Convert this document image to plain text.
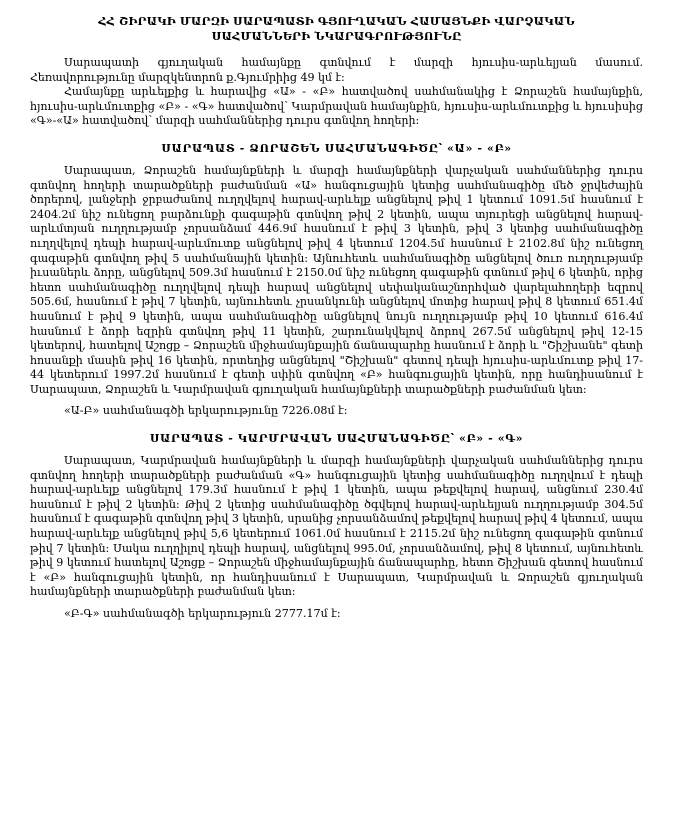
ՀՀ ՇԻՐԱԿԻ ՄԱՐԶԻ ՍԱՐԱՊԱՏԻ ԳՅՈՒՂԱԿԱՆ ՀԱՄԱՅՆՔԻ ՎԱՐՉԱԿԱՆ
ՍԱՀՄԱՆՆԵՐԻ ՆԿԱՐԱԳՐՈՒԹՅՈՒՆԸ

Սարապատի գյուղական համայնքը գտնվում է մարզի հյուսիս-արևելյան մասում. Հեռավորությունը մարզկենտրոն ք.Գյումրիից 49 կմ է:

Համայնքը արևելքից և հարավից «Ա» - «Բ» հատվածով սահմանակից է Ձորաշեն համայնքին, հյուսիս-արևմուտքից «Բ» - «Գ» հատվածով՝ Կարմրավան համայնքին, հյուսիս-արևմուտքից և հյուսիսից «Գ»-«Ա» հատվածով՝ մարզի սահմաններից դուրս գտնվող հողերի:

ՍԱՐԱՊԱՏ - ՁՈՐԱՇԵՆ ՍԱՀՄԱՆԱԳԻԾԸ՝ «Ա» - «Բ»

Սարապատ, Ձորաշեն համայնքների և մարզի համայնքների վարչական սահմաններից դուրս գտնվող հողերի տարածքների բաժանման «Ա» հանգուցային կետից սահմանագիծը մեծ ջրվեժային ծորերով, լանջերի ջրբաժանով ուղղվելով հարավ-արևելք անցնելով թիվ 1 կետում 1091.5մ հասնում է 2404.2մ նիշ ունեցող բարձունքի գագաթին գտնվող թիվ 2 կետին, ապա տյուրեցի անցնելով հարավ-արևմտյան ուղղությամբ չորսանձամ 446.9մ հասնում է թիվ 3 կետին, թիվ 3 կետից սահմանագիծը ուղղվելով դեպի հարավ-արևմուտք անցնելով թիվ 4 կետում 1204.5մ հասնում է 2102.8մ նիշ ունեցող գագաթին գտնվող թիվ 5 սահմանային կետին: Այնուհետև սահմանագիծը անցնելով ծուռ ուղղությամբ իւսաներև ձորը, անցնելով 509.3մ հասնում է 2150.0մ նիշ ունեցող գագաթին գտնում թիվ 6 կետին, որից հետո սահմանագիծը ուղղվելով դեպի հարավ անցնելով սեփականաշնորհված վարելահողերի եզրով 505.6մ, հասնում է թիվ 7 կետին, այնուհետև չրսանկունի անցնելով մոտից հարավ թիվ 8 կետում 651.4մ հասնում է թիվ 9 կետին, ապա սահմանագիծը անցնելով նույն ուղղությամբ թիվ 10 կետում 616.4մ հասնում է ձորի եզրին գտնվող թիվ 11 կետին, շարունակվելով ձորով 267.5մ անցնելով թիվ 12-15 կետերով, հատելով Աշոցք – Ձորաշեն միջհամայնքային ճանապարհը հասնում է ձորի և "Շիշխանե" գետի հոսանքի մասին թիվ 16 կետին, որտեղից անցնելով "Շիշխան" գետով դեպի հյուսիս-արևմուտք թիվ 17-44 կետերում 1997.2մ հասնում է գետի սփին գտնվող «Բ» հանգուցային կետին, որը հանդիսանում է Սարապատ, Ձորաշեն և Կարմրավան գյուղական համայնքների տարածքների բաժանման կետ:

«Ա-Բ» սահմանագծի երկարությունը 7226.08մ է:

ՍԱՐԱՊԱՏ - ԿԱՐՄՐԱՎԱՆ ՍԱՀՄԱՆԱԳԻԾԸ՝ «Բ» - «Գ»

Սարապատ, Կարմրավան համայնքների և մարզի համայնքների վարչական սահմաններից դուրս գտնվող հողերի տարածքների բաժանման «Գ» հանգուցային կետից սահմանագիծը ուղղվում է դեպի հարավ-արևելք անցնելով 179.3մ հասնում է թիվ 1 կետին, ապա թեքվելով հարավ, անցնում 230.4մ հասնում է թիվ 2 կետին: Թիվ 2 կետից սահմանագիծը ծգվելով հարավ-արևելյան ուղղությամբ 304.5մ հասնում է գագաթին գտնվող թիվ 3 կետին, սրանից չորսանձամով թեքվելով հարավ թիվ 4 կետում, ապա հարավ-արևելք անցնելով թիվ 5,6 կետերում 1061.0մ հասնում է 2115.2մ նիշ ունեցող գագաթին գտնում թիվ 7 կետին: Սակա ուղղիլով դեպի հարավ, անցնելով 995.0մ, չորսանձամով, թիվ 8 կետում, այնուհետև թիվ 9 կետում հատելով Աշոցք – Ձորաշեն միջհամայնքային ճանապարհը, հետո Շիշխան գետով հասնում է «Բ» հանգուցային կետին, որ հանդիսանում է Սարապատ, Կարմրավան և Ձորաշեն գյուղական համայնքների տարածքների բաժանման կետ:

«Բ-Գ» սահմանագծի երկարություն 2777.17մ է:
